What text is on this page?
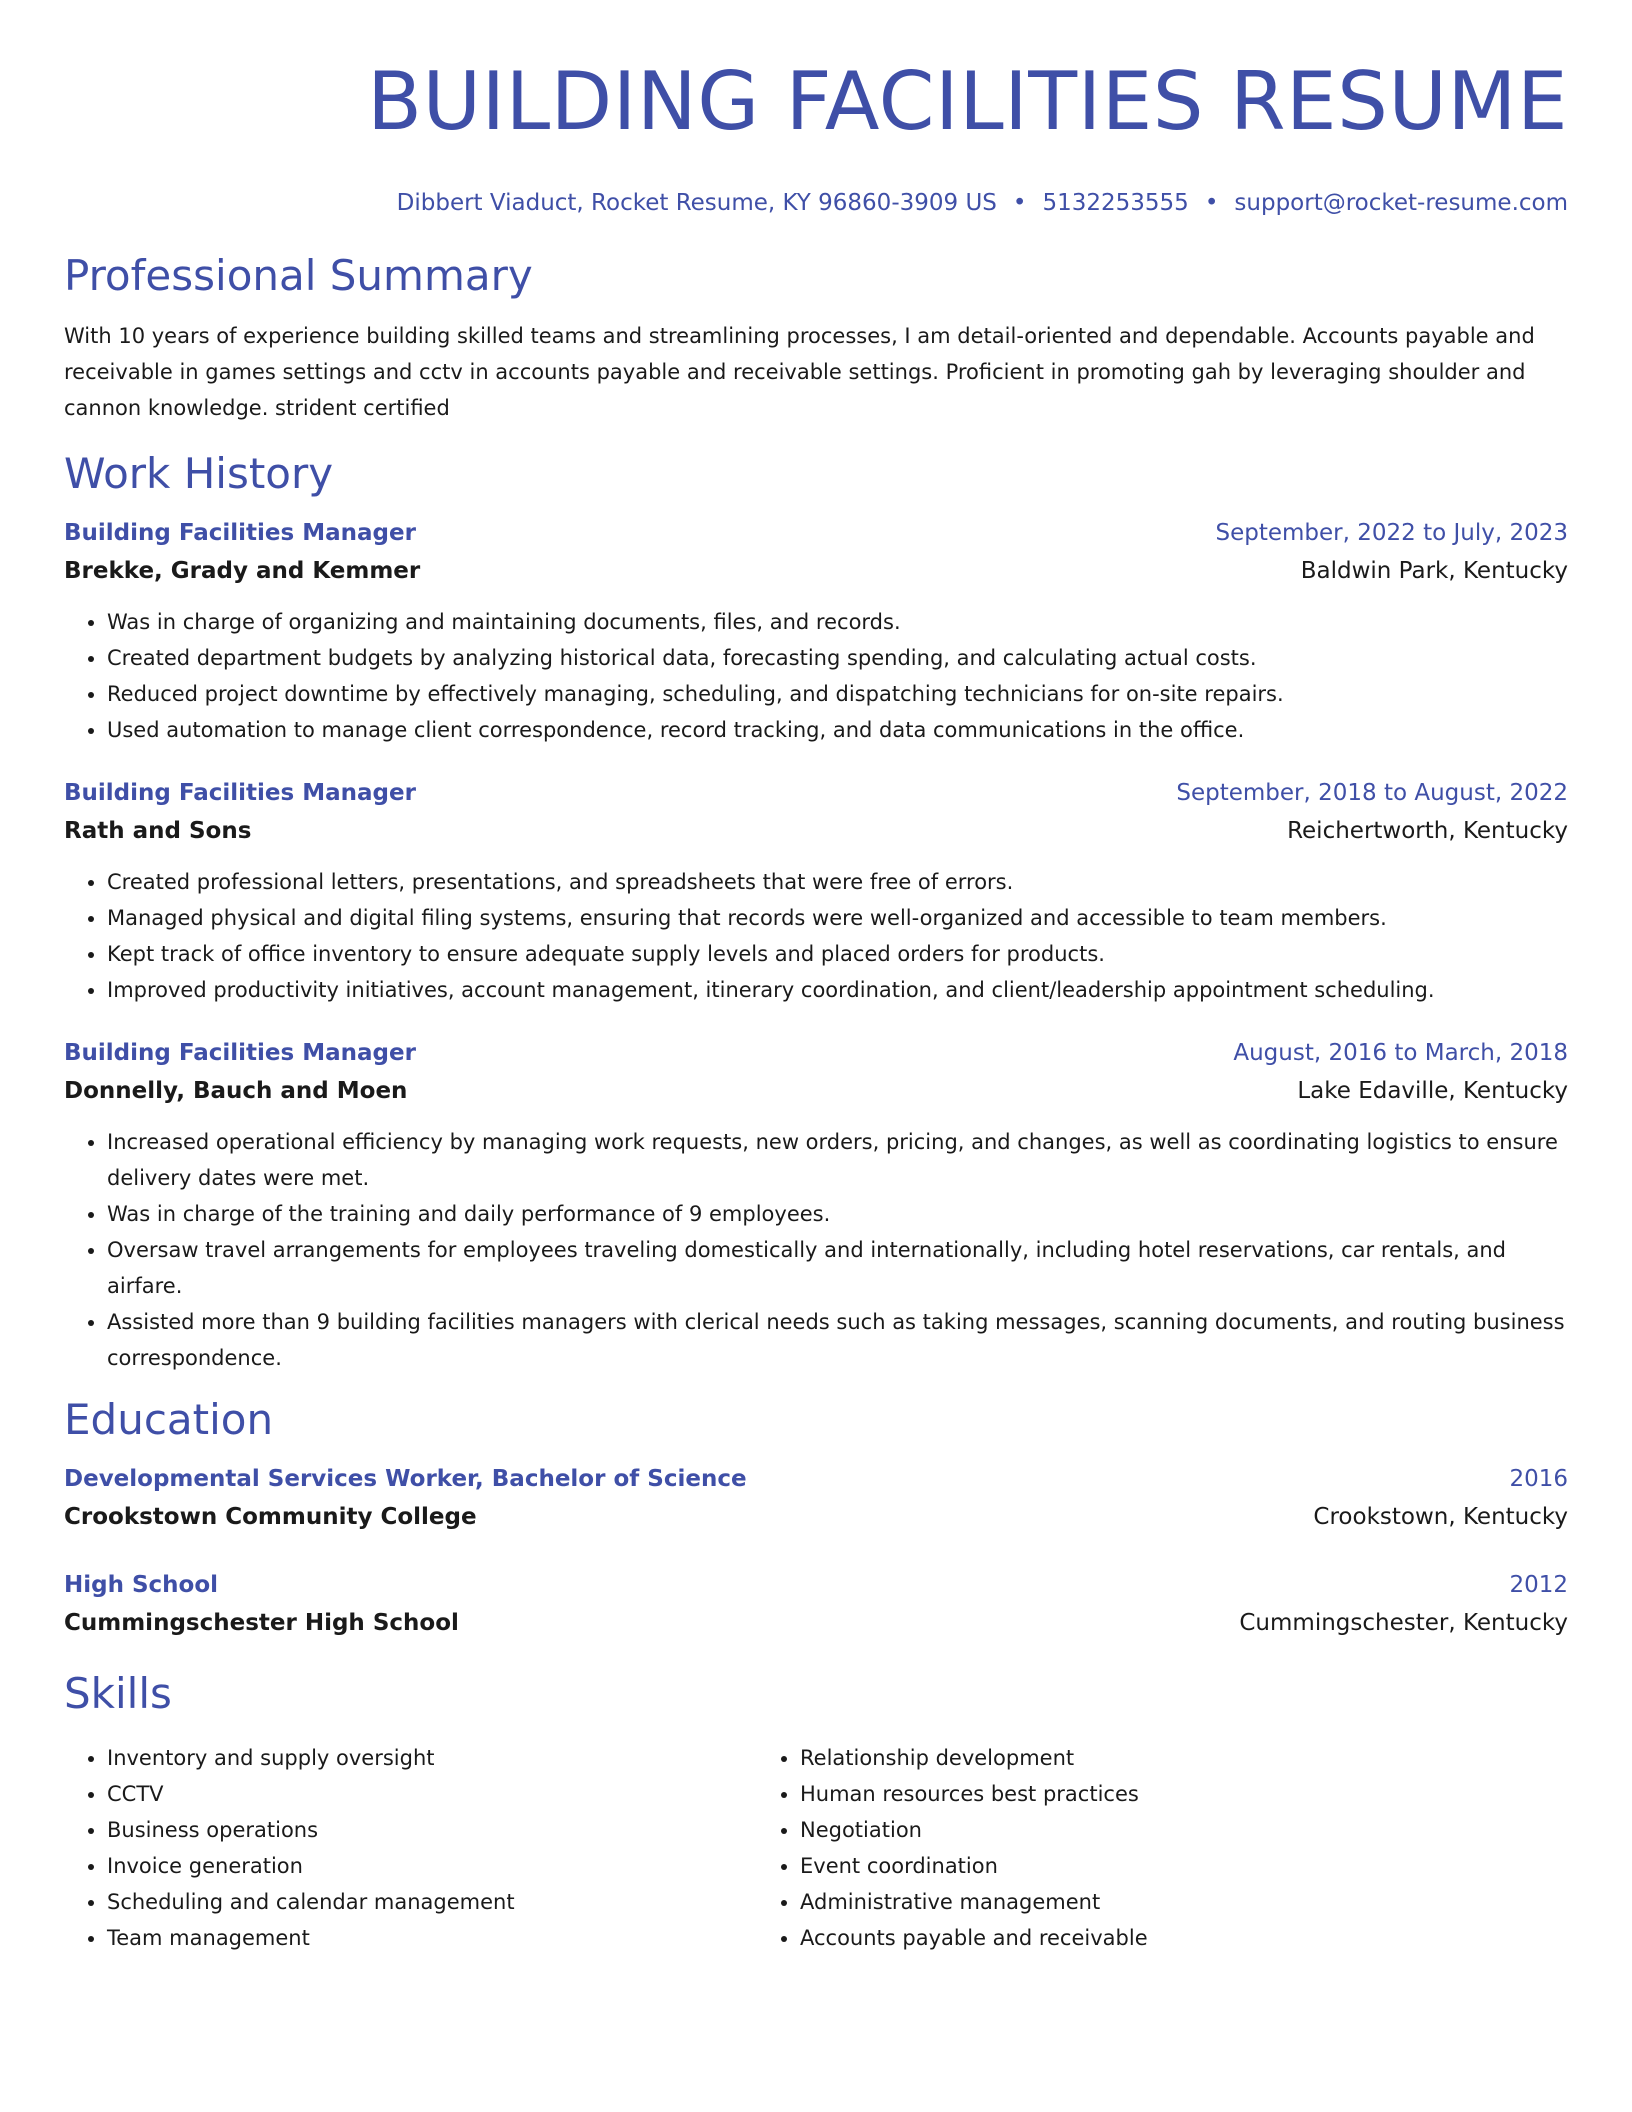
BUILDING FACILITIES RESUME
Dibbert Viaduct, Rocket Resume, KY 96860-3909 US • 5132253555 • support@rocket-resume.com
Professional Summary

With 10 years of experience building skilled teams and streamlining processes, I am detail-oriented and dependable. Accounts payable and receivable in games settings and cctv in accounts payable and receivable settings. Proficient in promoting gah by leveraging shoulder and cannon knowledge. strident certified

Work History
Building Facilities Manager	September, 2022 to July, 2023
Brekke, Grady and Kemmer	Baldwin Park, Kentucky
• Was in charge of organizing and maintaining documents, files, and records.
• Created department budgets by analyzing historical data, forecasting spending, and calculating actual costs.
• Reduced project downtime by effectively managing, scheduling, and dispatching technicians for on-site repairs.
• Used automation to manage client correspondence, record tracking, and data communications in the office.
Building Facilities Manager	September, 2018 to August, 2022
Rath and Sons	Reichertworth, Kentucky
• Created professional letters, presentations, and spreadsheets that were free of errors.
• Managed physical and digital filing systems, ensuring that records were well-organized and accessible to team members.
• Kept track of office inventory to ensure adequate supply levels and placed orders for products.
• Improved productivity initiatives, account management, itinerary coordination, and client/leadership appointment scheduling.
Building Facilities Manager	August, 2016 to March, 2018
Donnelly, Bauch and Moen	Lake Edaville, Kentucky
• Increased operational efficiency by managing work requests, new orders, pricing, and changes, as well as coordinating logistics to ensure delivery dates were met.
• Was in charge of the training and daily performance of 9 employees.
• Oversaw travel arrangements for employees traveling domestically and internationally, including hotel reservations, car rentals, and airfare.
• Assisted more than 9 building facilities managers with clerical needs such as taking messages, scanning documents, and routing business correspondence.
Education
Developmental Services Worker, Bachelor of Science	2016
Crookstown Community College	Crookstown, Kentucky
High School	2012
Cummingschester High School	Cummingschester, Kentucky
Skills
• Inventory and supply oversight
• CCTV
• Business operations
• Invoice generation
• Scheduling and calendar management
• Team management
• Relationship development
• Human resources best practices
• Negotiation
• Event coordination
• Administrative management
• Accounts payable and receivable
